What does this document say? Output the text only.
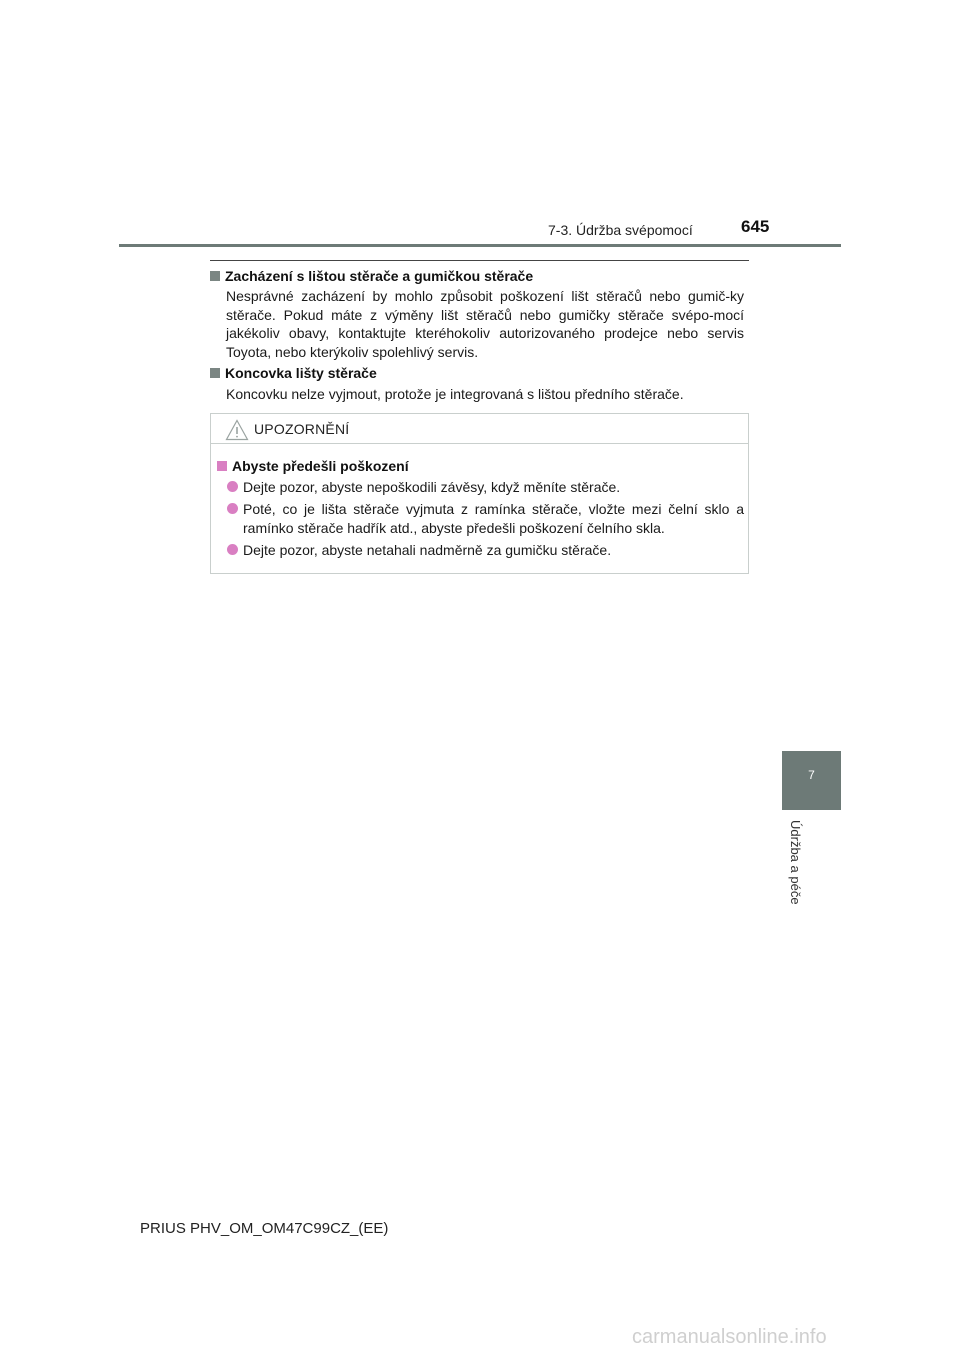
7-3. Údržba svépomocí	645
Zacházení s lištou stěrače a gumičkou stěrače
Nesprávné zacházení by mohlo způsobit poškození lišt stěračů nebo gumič-ky stěrače. Pokud máte z výměny lišt stěračů nebo gumičky stěrače svépo-mocí jakékoliv obavy, kontaktujte kteréhokoliv autorizovaného prodejce nebo servis Toyota, nebo kterýkoliv spolehlivý servis.
Koncovka lišty stěrače
Koncovku nelze vyjmout, protože je integrovaná s lištou předního stěrače.
UPOZORNĚNÍ
Abyste předešli poškození
Dejte pozor, abyste nepoškodili závěsy, když měníte stěrače.
Poté, co je lišta stěrače vyjmuta z ramínka stěrače, vložte mezi čelní sklo a ramínko stěrače hadřík atd., abyste předešli poškození čelního skla.
Dejte pozor, abyste netahali nadměrně za gumičku stěrače.
7
Údržba a péče
PRIUS PHV_OM_OM47C99CZ_(EE)
carmanualsonline.info
